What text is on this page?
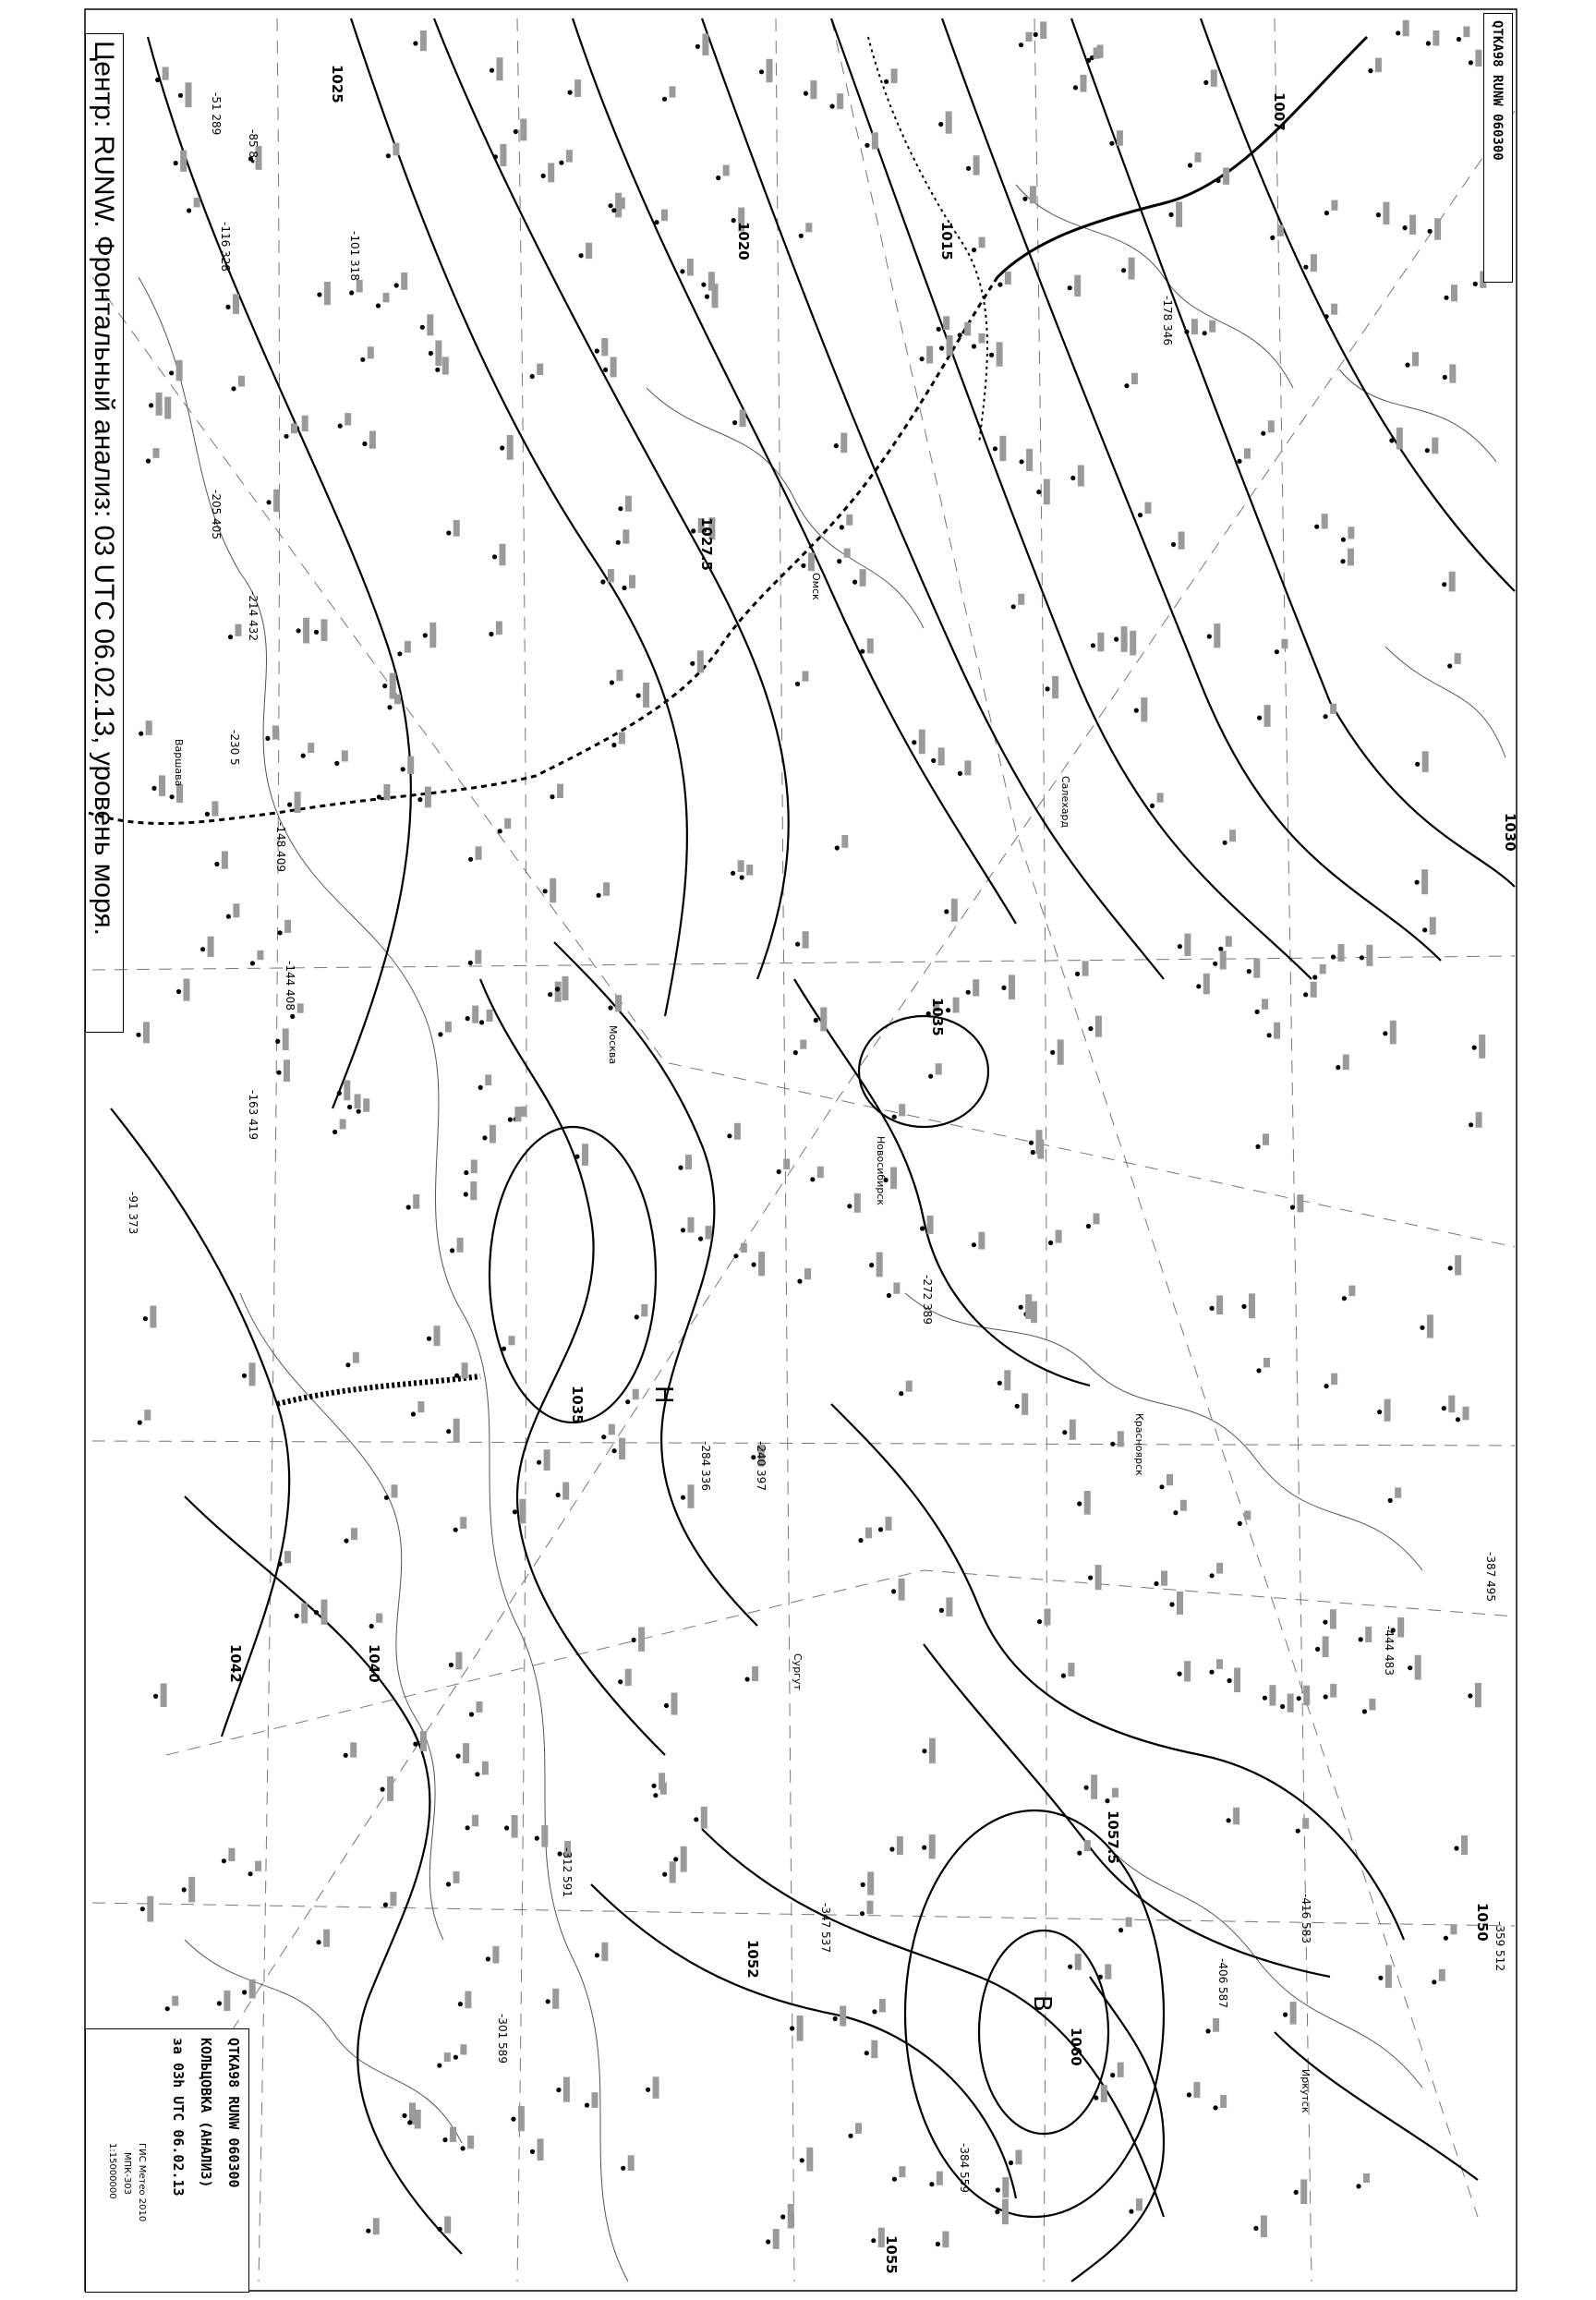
1025
1027.5
1030
1035
1035
1040
1042
1050
1052
1055
1057.5
1060
1007
1015
1020
Н
В
-51 289
-85 8∙
-116 328	-101 318
-178 346
-214 432
-205 405
-230 5
-148 409
-144 408
-163 419
-91 373
-272 389
-240 397
-284 336
-347 537	-359 512
-387 495
-416 583
-444 483
-406 587
-312 591
-301 589
-384 559
Варшава
Москва
Новосибирск
Омск
Красноярск
Иркутск
Салехард
Сургут
Центр: RUNW. Фронтальный анализ: 03 UTC 06.02.13, уровень моря.	QTKA98 RUNW 060300
QTKA98 RUNW 060300
КОЛЬЦОВКА (АНАЛИЗ)
за 03h UTC 06.02.13
ГИС Метео 2010
МПК-303
1:15000000
